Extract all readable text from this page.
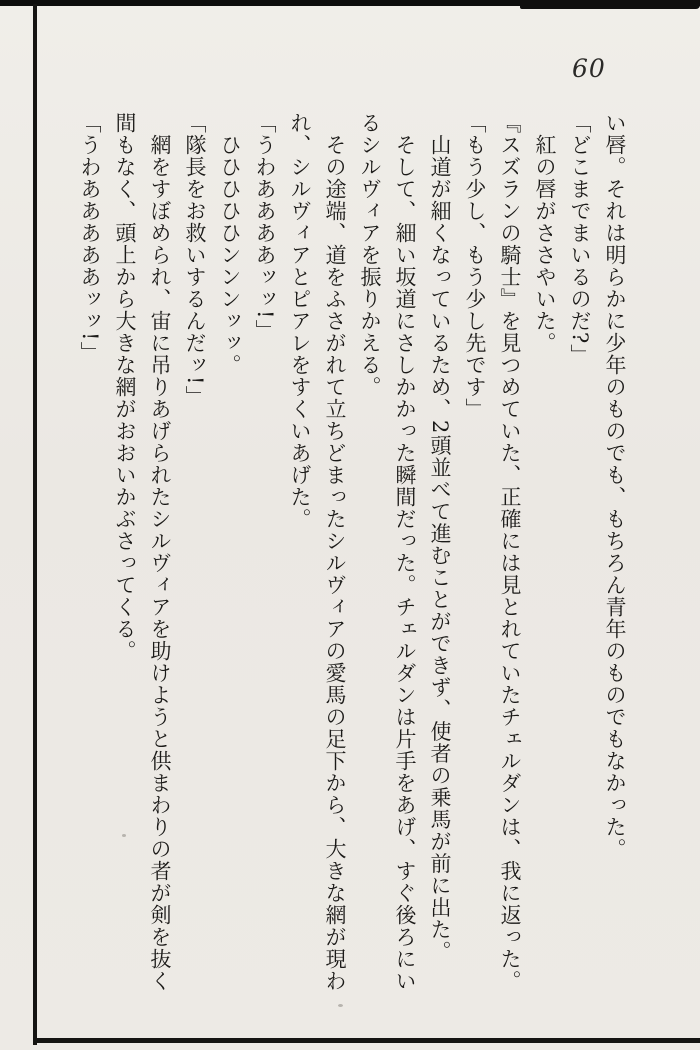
60

い唇。それは明らかに少年のものでも、もちろん青年のものでもなかった。

「どこまでまいるのだ?」

紅の唇がささやいた。

『スズランの騎士』を見つめていた、正確には見とれていたチェルダンは、我に返った。

「もう少し、もう少し先です」

山道が細くなっているため、2頭並べて進むことができず、使者の乗馬が前に出た。

そして、細い坂道にさしかかった瞬間だった。チェルダンは片手をあげ、すぐ後ろにいるシルヴィアを振りかえる。

その途端、道をふさがれて立ちどまったシルヴィアの愛馬の足下から、大きな網が現われ、シルヴィアとピアレをすくいあげた。

「うわああああッッ!」

ひひひひひンンンッッ。

「隊長をお救いするんだッ!」

網をすぼめられ、宙に吊りあげられたシルヴィアを助けようと供まわりの者が剣を抜く間もなく、頭上から大きな網がおおいかぶさってくる。

「うわあああああッッ!」
